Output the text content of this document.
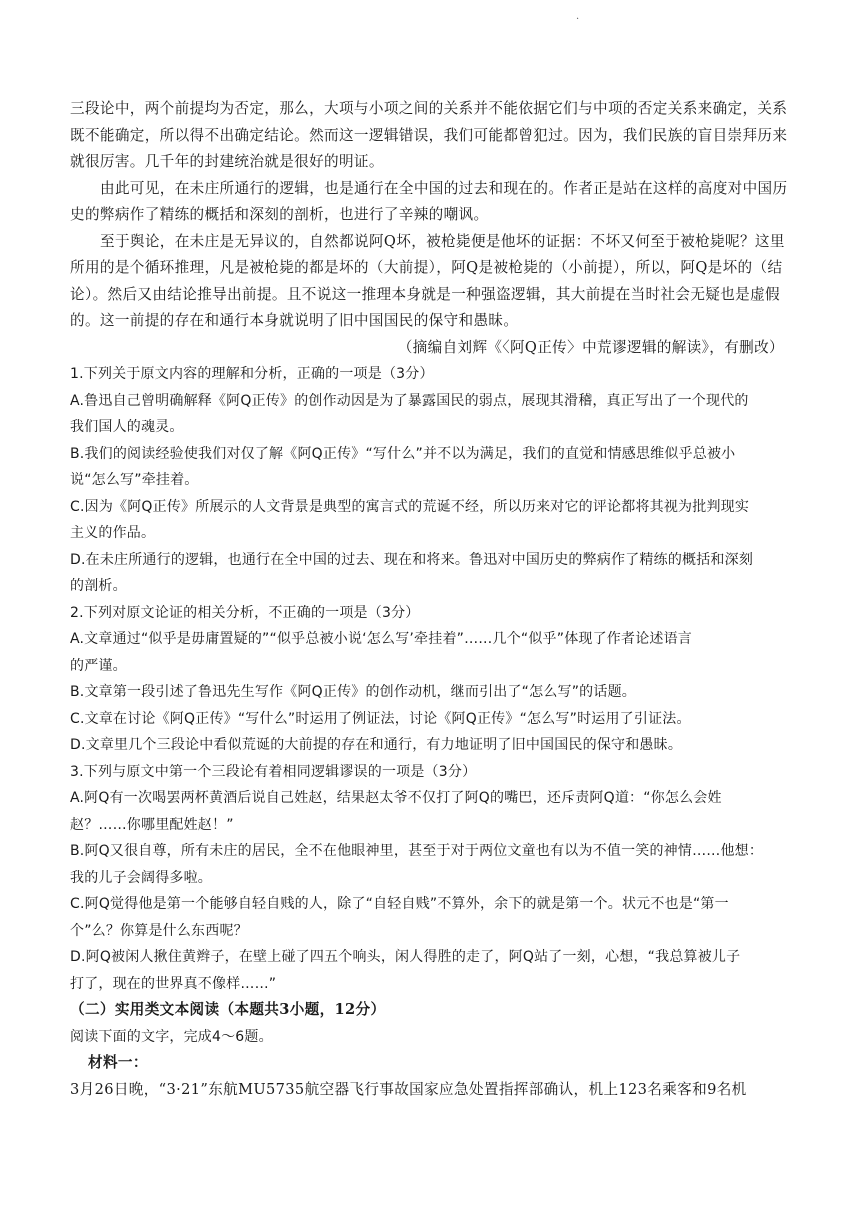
·
三段论中，两个前提均为否定，那么，大项与小项之间的关系并不能依据它们与中项的否定关系来确定，关系
既不能确定，所以得不出确定结论。然而这一逻辑错误，我们可能都曾犯过。因为，我们民族的盲目崇拜历来
就很厉害。几千年的封建统治就是很好的明证。
由此可见，在未庄所通行的逻辑，也是通行在全中国的过去和现在的。作者正是站在这样的高度对中国历
史的弊病作了精练的概括和深刻的剖析，也进行了辛辣的嘲讽。
至于舆论，在未庄是无异议的，自然都说阿Q坏，被枪毙便是他坏的证据：不坏又何至于被枪毙呢？这里
所用的是个循环推理，凡是被枪毙的都是坏的（大前提），阿Q是被枪毙的（小前提），所以，阿Q是坏的（结
论）。然后又由结论推导出前提。且不说这一推理本身就是一种强盗逻辑，其大前提在当时社会无疑也是虚假
的。这一前提的存在和通行本身就说明了旧中国国民的保守和愚昧。
（摘编自刘辉《〈阿Q正传〉中荒谬逻辑的解读》，有删改）
1.下列关于原文内容的理解和分析，正确的一项是（3分）
A.鲁迅自己曾明确解释《阿Q正传》的创作动因是为了暴露国民的弱点，展现其滑稽，真正写出了一个现代的
我们国人的魂灵。
B.我们的阅读经验使我们对仅了解《阿Q正传》“写什么”并不以为满足，我们的直觉和情感思维似乎总被小
说“怎么写”牵挂着。
C.因为《阿Q正传》所展示的人文背景是典型的寓言式的荒诞不经，所以历来对它的评论都将其视为批判现实
主义的作品。
D.在未庄所通行的逻辑，也通行在全中国的过去、现在和将来。鲁迅对中国历史的弊病作了精练的概括和深刻
的剖析。
2.下列对原文论证的相关分析，不正确的一项是（3分）
A.文章通过“似乎是毋庸置疑的”“似乎总被小说‘怎么写’牵挂着”……几个“似乎”体现了作者论述语言
的严谨。
B.文章第一段引述了鲁迅先生写作《阿Q正传》的创作动机，继而引出了“怎么写”的话题。
C.文章在讨论《阿Q正传》“写什么”时运用了例证法，讨论《阿Q正传》“怎么写”时运用了引证法。
D.文章里几个三段论中看似荒诞的大前提的存在和通行，有力地证明了旧中国国民的保守和愚昧。
3.下列与原文中第一个三段论有着相同逻辑谬误的一项是（3分）
A.阿Q有一次喝罢两杯黄酒后说自己姓赵，结果赵太爷不仅打了阿Q的嘴巴，还斥责阿Q道：“你怎么会姓
赵？……你哪里配姓赵！”
B.阿Q又很自尊，所有未庄的居民，全不在他眼神里，甚至于对于两位文童也有以为不值一笑的神情……他想：
我的儿子会阔得多啦。
C.阿Q觉得他是第一个能够自轻自贱的人，除了“自轻自贱”不算外，余下的就是第一个。状元不也是“第一
个”么？你算是什么东西呢？
D.阿Q被闲人揪住黄辫子，在壁上碰了四五个响头，闲人得胜的走了，阿Q站了一刻，心想，“我总算被儿子
打了，现在的世界真不像样……”
（二）实用类文本阅读（本题共3小题，12分）
阅读下面的文字，完成4～6题。
材料一：
3月26日晚，“3·21”东航MU5735航空器飞行事故国家应急处置指挥部确认，机上123名乘客和9名机
